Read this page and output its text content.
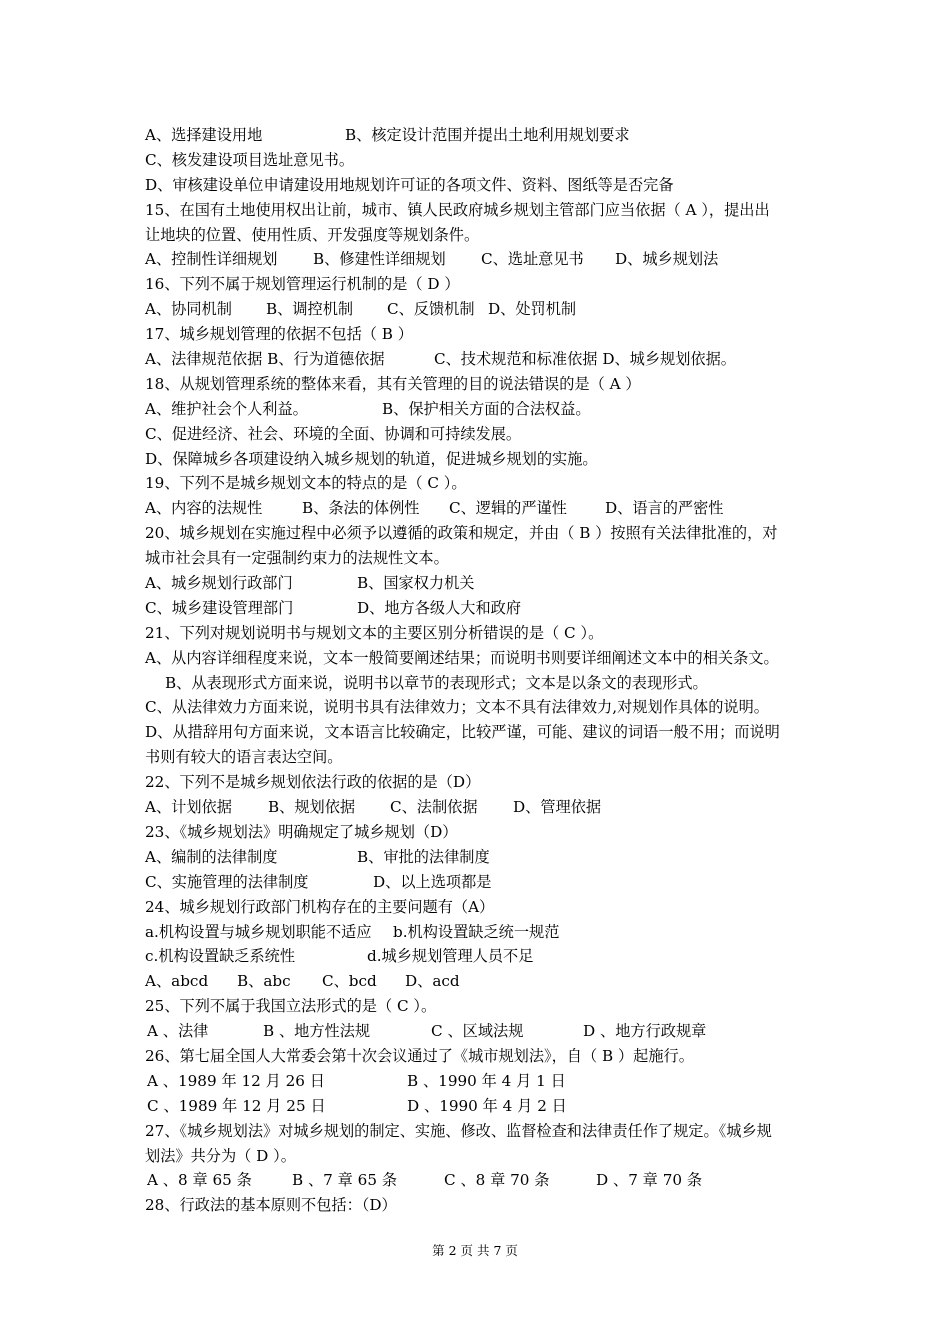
A、选择建设用地	B、核定设计范围并提出土地利用规划要求
C、核发建设项目选址意见书。
D、审核建设单位申请建设用地规划许可证的各项文件、资料、图纸等是否完备
15、在国有土地使用权出让前，城市、镇人民政府城乡规划主管部门应当依据（ A ），提出出
让地块的位置、使用性质、开发强度等规划条件。
A、控制性详细规划 B、修建性详细规划 C、选址意见书 D、城乡规划法
16、下列不属于规划管理运行机制的是（ D ）
A、协同机制 B、调控机制 C、反馈机制 D、处罚机制
17、城乡规划管理的依据不包括（ B ）
A、法律规范依据 B、行为道德依据	C、技术规范和标准依据 D、城乡规划依据。
18、从规划管理系统的整体来看，其有关管理的目的说法错误的是（ A ）
A、维护社会个人利益。	B、保护相关方面的合法权益。
C、促进经济、社会、环境的全面、协调和可持续发展。
D、保障城乡各项建设纳入城乡规划的轨道，促进城乡规划的实施。
19、下列不是城乡规划文本的特点的是（ C ）。
A、内容的法规性	B、条法的体例性 C、逻辑的严谨性	D、语言的严密性
20、城乡规划在实施过程中必须予以遵循的政策和规定，并由（ B ）按照有关法律批准的，对
城市社会具有一定强制约束力的法规性文本。
A、城乡规划行政部门	B、国家权力机关
C、城乡建设管理部门	D、地方各级人大和政府
21、下列对规划说明书与规划文本的主要区别分析错误的是（ C ）。
A、从内容详细程度来说，文本一般简要阐述结果；而说明书则要详细阐述文本中的相关条文。
B、从表现形式方面来说，说明书以章节的表现形式；文本是以条文的表现形式。
C、从法律效力方面来说，说明书具有法律效力；文本不具有法律效力,对规划作具体的说明。
D、从措辞用句方面来说，文本语言比较确定，比较严谨，可能、建议的词语一般不用；而说明
书则有较大的语言表达空间。
22、下列不是城乡规划依法行政的依据的是（D）
A、计划依据 B、规划依据 C、法制依据 D、管理依据
23、《城乡规划法》明确规定了城乡规划（D）
A、编制的法律制度	B、审批的法律制度
C、实施管理的法律制度	D、以上选项都是
24、城乡规划行政部门机构存在的主要问题有（A）
a.机构设置与城乡规划职能不适应 b.机构设置缺乏统一规范
c.机构设置缺乏系统性	d.城乡规划管理人员不足
A、abcd B、abc C、bcd D、acd
25、下列不属于我国立法形式的是（ C ）。
A 、法律	B 、地方性法规	C 、区域法规	D 、地方行政规章
26、第七届全国人大常委会第十次会议通过了《城市规划法》，自（ B ）起施行。
A 、1989 年 12 月 26 日	B 、1990 年 4 月 1 日
C 、1989 年 12 月 25 日	D 、1990 年 4 月 2 日
27、《城乡规划法》对城乡规划的制定、实施、修改、监督检查和法律责任作了规定。《城乡规
划法》共分为（ D ）。
A 、8 章 65 条	B 、7 章 65 条	C 、8 章 70 条	D 、7 章 70 条
28、行政法的基本原则不包括：（D）
第 2 页 共 7 页
